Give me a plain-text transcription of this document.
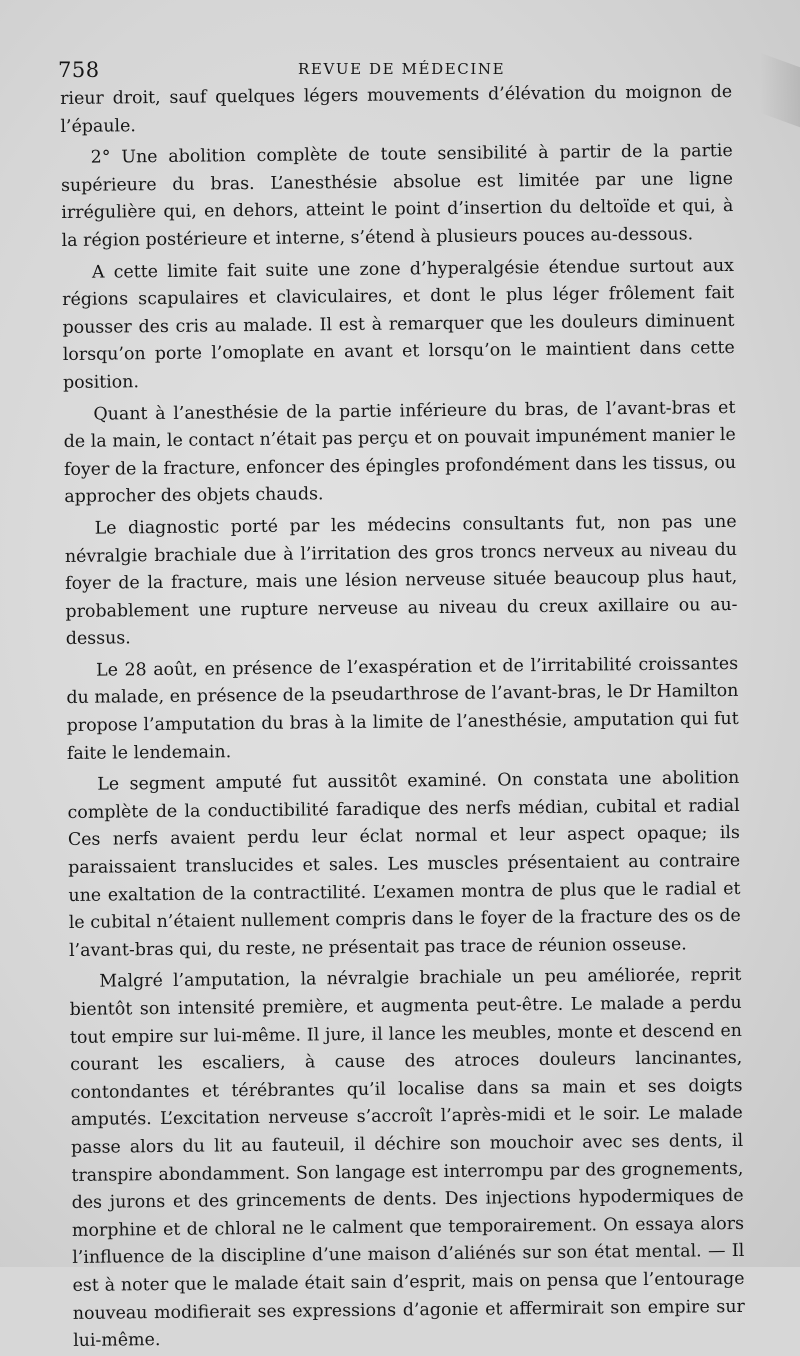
758	REVUE DE MÉDECINE

rieur droit, sauf quelques légers mouvements d’élévation du moignon de l’épaule.

2° Une abolition complète de toute sensibilité à partir de la partie supérieure du bras. L’anesthésie absolue est limitée par une ligne irrégulière qui, en dehors, atteint le point d’insertion du deltoïde et qui, à la région postérieure et interne, s’étend à plusieurs pouces au-dessous.

A cette limite fait suite une zone d’hyperalgésie étendue surtout aux régions scapulaires et claviculaires, et dont le plus léger frôlement fait pousser des cris au malade. Il est à remarquer que les douleurs diminuent lorsqu’on porte l’omoplate en avant et lorsqu’on le maintient dans cette position.

Quant à l’anesthésie de la partie inférieure du bras, de l’avant-bras et de la main, le contact n’était pas perçu et on pouvait impunément manier le foyer de la fracture, enfoncer des épingles profondément dans les tissus, ou approcher des objets chauds.

Le diagnostic porté par les médecins consultants fut, non pas une névralgie brachiale due à l’irritation des gros troncs nerveux au niveau du foyer de la fracture, mais une lésion nerveuse située beaucoup plus haut, probablement une rupture nerveuse au niveau du creux axillaire ou au-dessus.

Le 28 août, en présence de l’exaspération et de l’irritabilité croissantes du malade, en présence de la pseudarthrose de l’avant-bras, le Dr Hamilton propose l’amputation du bras à la limite de l’anesthésie, amputation qui fut faite le lendemain.

Le segment amputé fut aussitôt examiné. On constata une abolition complète de la conductibilité faradique des nerfs médian, cubital et radial Ces nerfs avaient perdu leur éclat normal et leur aspect opaque; ils paraissaient translucides et sales. Les muscles présentaient au contraire une exaltation de la contractilité. L’examen montra de plus que le radial et le cubital n’étaient nullement compris dans le foyer de la fracture des os de l’avant-bras qui, du reste, ne présentait pas trace de réunion osseuse.

Malgré l’amputation, la névralgie brachiale un peu améliorée, reprit bientôt son intensité première, et augmenta peut-être. Le malade a perdu tout empire sur lui-même. Il jure, il lance les meubles, monte et descend en courant les escaliers, à cause des atroces douleurs lancinantes, contondantes et térébrantes qu’il localise dans sa main et ses doigts amputés. L’excitation nerveuse s’accroît l’après-midi et le soir. Le malade passe alors du lit au fauteuil, il déchire son mouchoir avec ses dents, il transpire abondamment. Son langage est interrompu par des grognements, des jurons et des grincements de dents. Des injections hypodermiques de morphine et de chloral ne le calment que temporairement. On essaya alors l’influence de la discipline d’une maison d’aliénés sur son état mental. — Il est à noter que le malade était sain d’esprit, mais on pensa que l’entourage nouveau modifierait ses expressions d’agonie et affermirait son empire sur lui-même.
